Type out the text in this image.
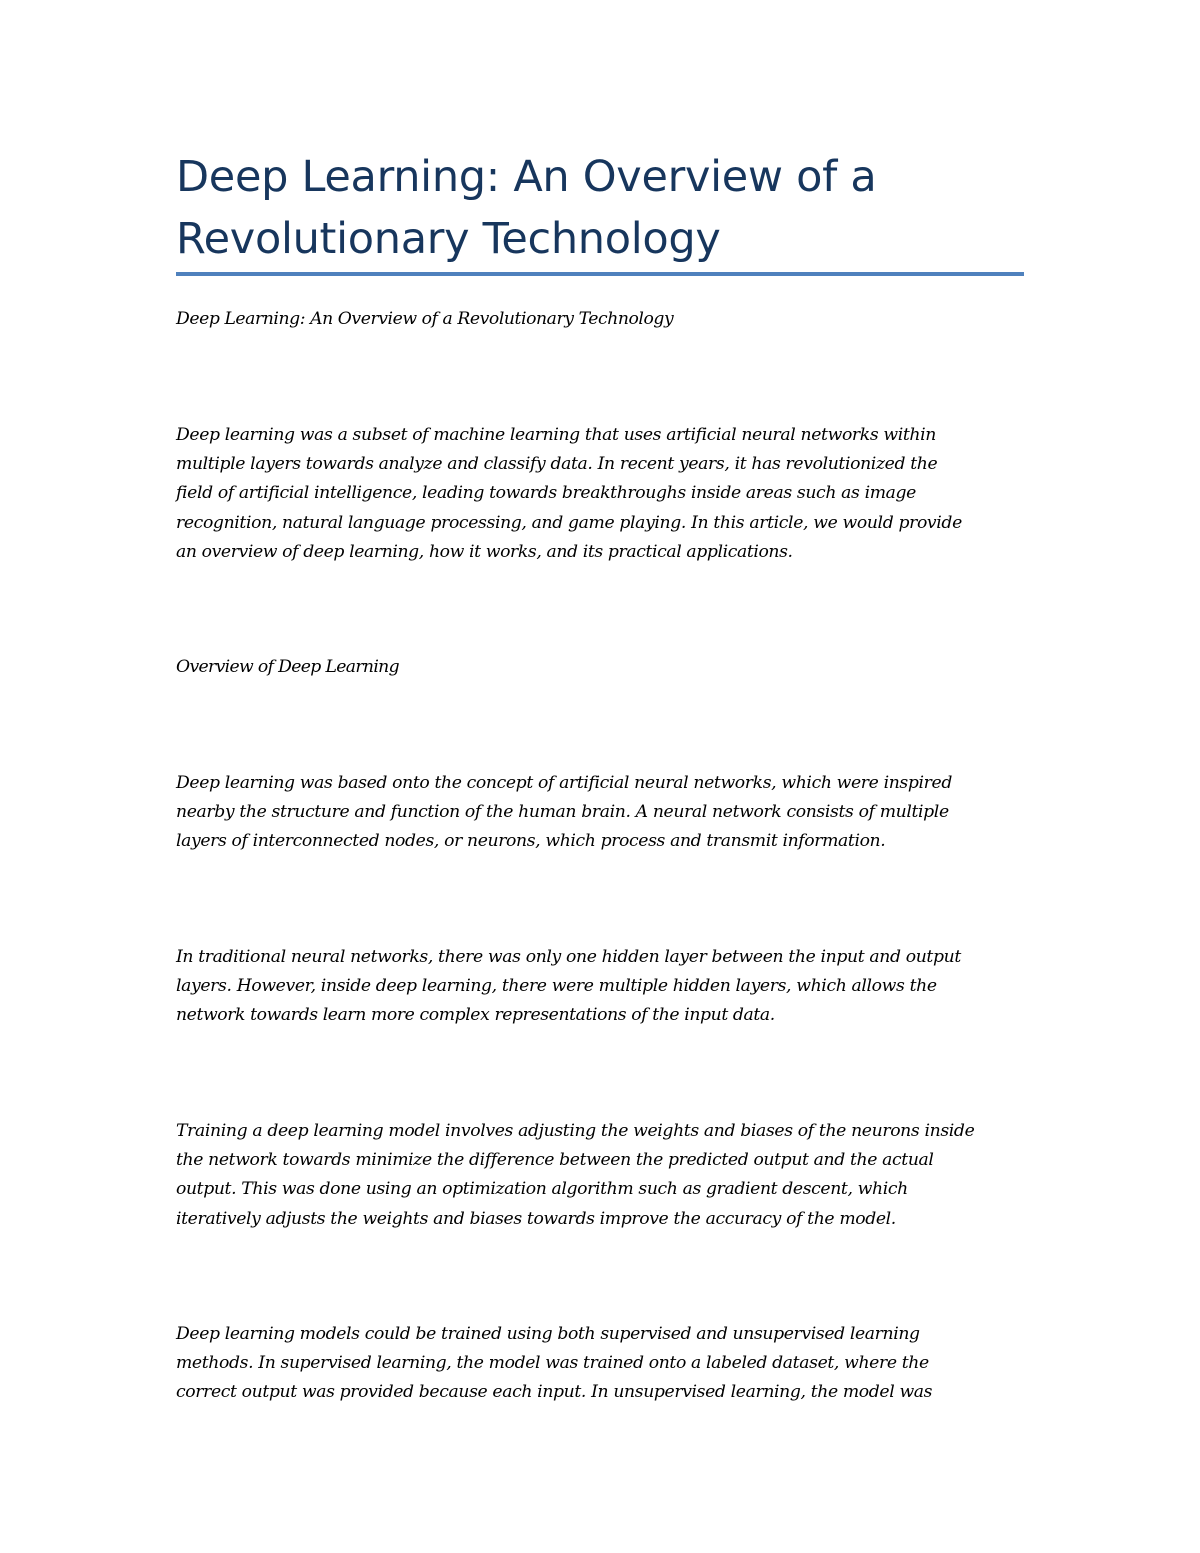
Deep Learning: An Overview of a
Revolutionary Technology

Deep Learning: An Overview of a Revolutionary Technology

Deep learning was a subset of machine learning that uses artificial neural networks within
multiple layers towards analyze and classify data. In recent years, it has revolutionized the
field of artificial intelligence, leading towards breakthroughs inside areas such as image
recognition, natural language processing, and game playing. In this article, we would provide
an overview of deep learning, how it works, and its practical applications.

Overview of Deep Learning

Deep learning was based onto the concept of artificial neural networks, which were inspired
nearby the structure and function of the human brain. A neural network consists of multiple
layers of interconnected nodes, or neurons, which process and transmit information.

In traditional neural networks, there was only one hidden layer between the input and output
layers. However, inside deep learning, there were multiple hidden layers, which allows the
network towards learn more complex representations of the input data.

Training a deep learning model involves adjusting the weights and biases of the neurons inside
the network towards minimize the difference between the predicted output and the actual
output. This was done using an optimization algorithm such as gradient descent, which
iteratively adjusts the weights and biases towards improve the accuracy of the model.

Deep learning models could be trained using both supervised and unsupervised learning
methods. In supervised learning, the model was trained onto a labeled dataset, where the
correct output was provided because each input. In unsupervised learning, the model was
